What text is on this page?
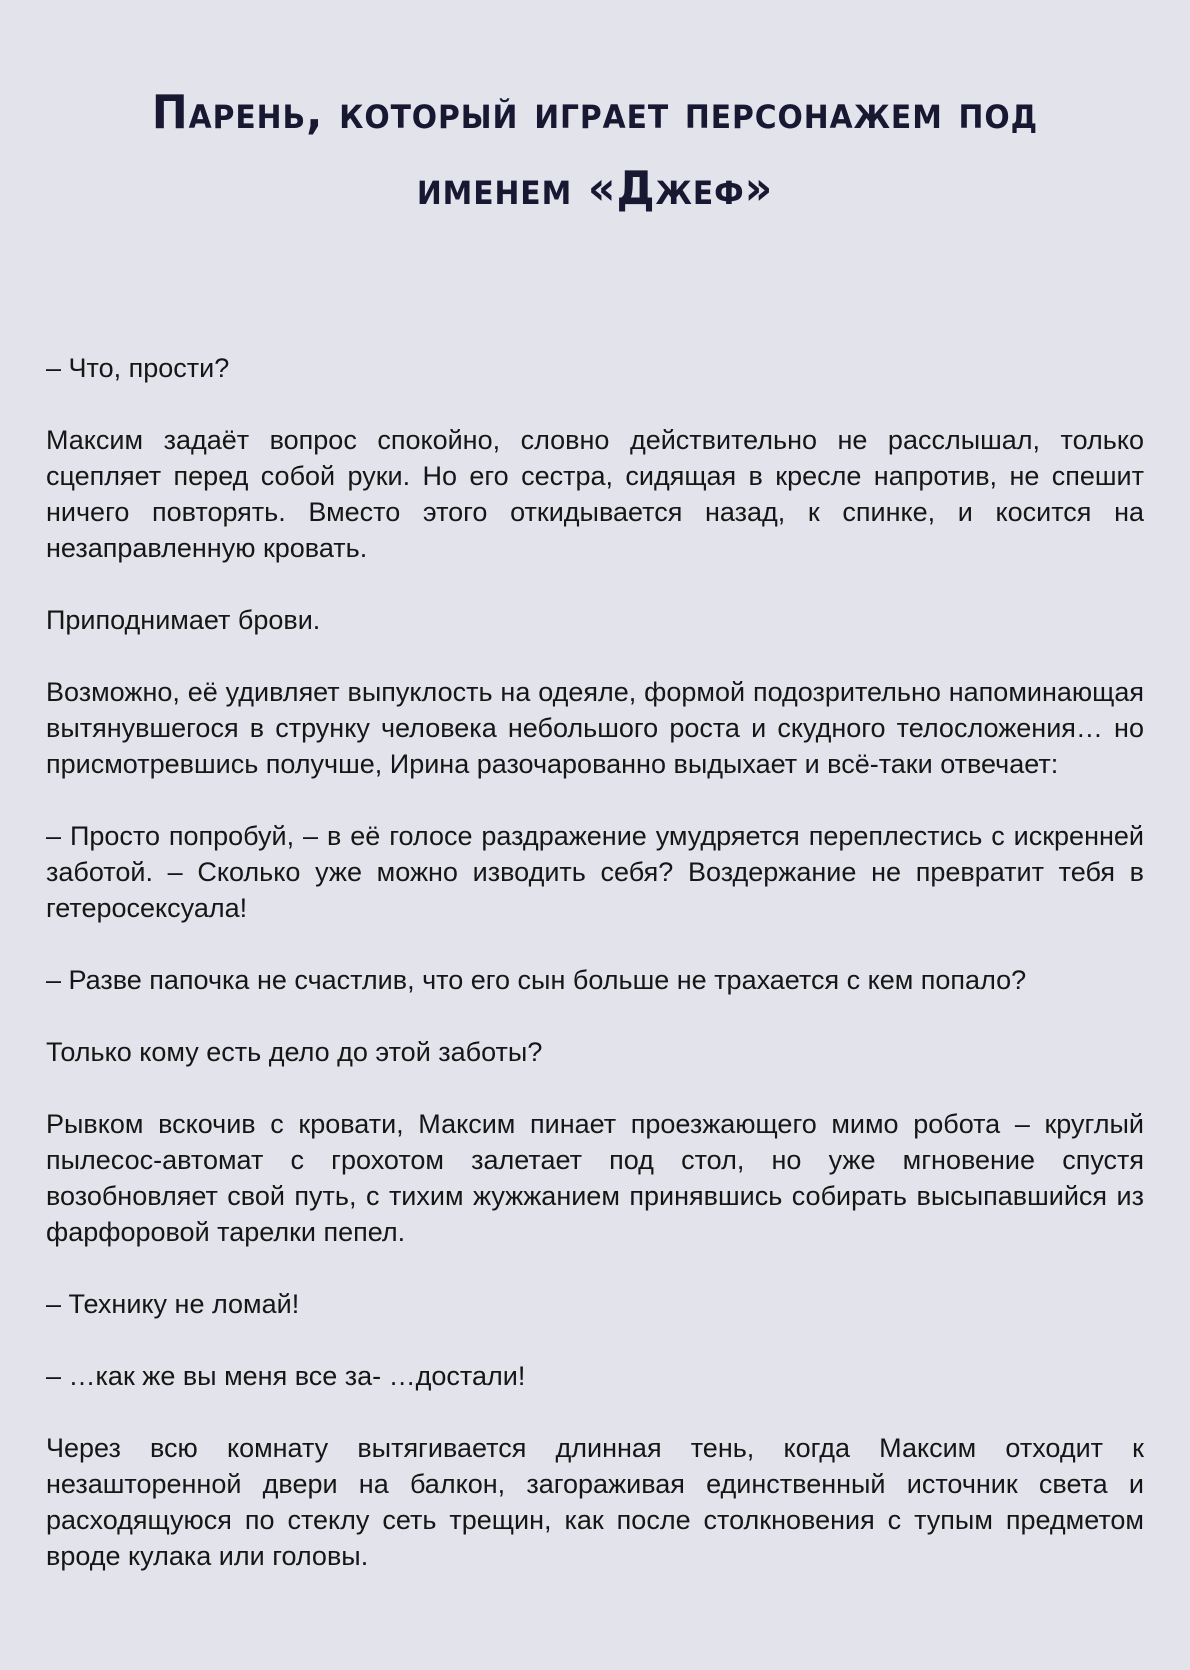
Парень, который играет персонажем под именем «Джеф»

– Что, прости?

Максим задаёт вопрос спокойно, словно действительно не расслышал, только сцепляет перед собой руки. Но его сестра, сидящая в кресле напротив, не спешит ничего повторять. Вместо этого откидывается назад, к спинке, и косится на незаправленную кровать.

Приподнимает брови.

Возможно, её удивляет выпуклость на одеяле, формой подозрительно напоминающая вытянувшегося в струнку человека небольшого роста и скудного телосложения… но присмотревшись получше, Ирина разочарованно выдыхает и всё-таки отвечает:

– Просто попробуй, – в её голосе раздражение умудряется переплестись с искренней заботой. – Сколько уже можно изводить себя? Воздержание не превратит тебя в гетеросексуала!

– Разве папочка не счастлив, что его сын больше не трахается с кем попало?

Только кому есть дело до этой заботы?

Рывком вскочив с кровати, Максим пинает проезжающего мимо робота – круглый пылесос-автомат с грохотом залетает под стол, но уже мгновение спустя возобновляет свой путь, с тихим жужжанием принявшись собирать высыпавшийся из фарфоровой тарелки пепел.

– Технику не ломай!

– …как же вы меня все за- …достали!

Через всю комнату вытягивается длинная тень, когда Максим отходит к незашторенной двери на балкон, загораживая единственный источник света и расходящуюся по стеклу сеть трещин, как после столкновения с тупым предметом вроде кулака или головы.
